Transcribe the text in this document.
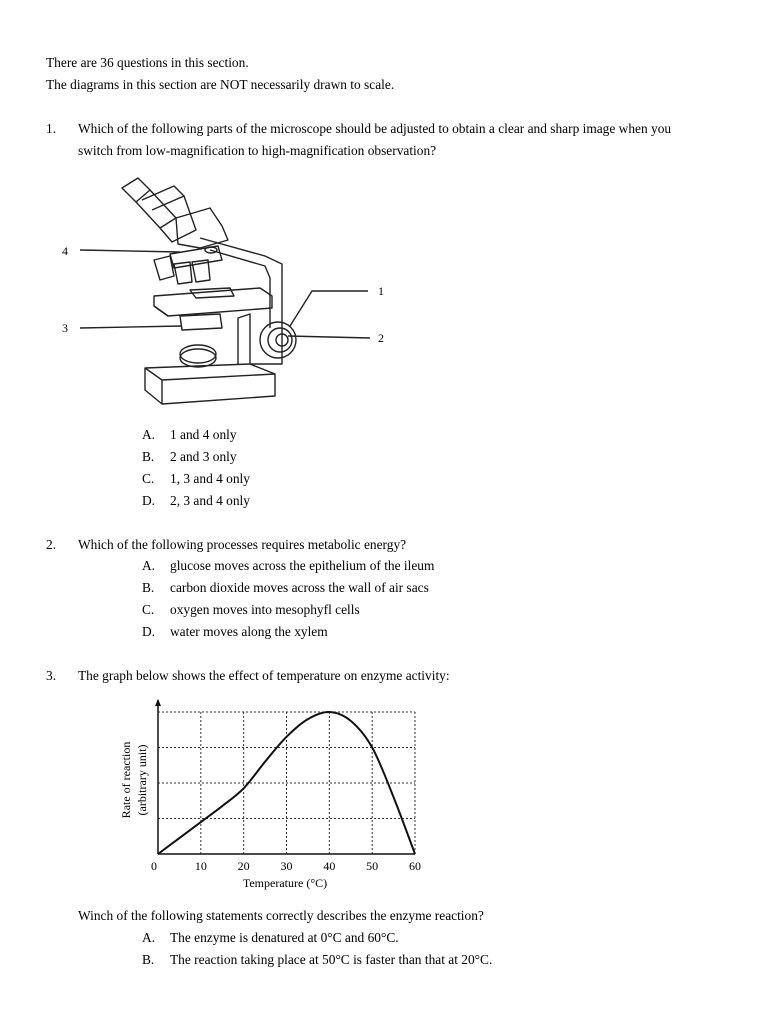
There are 36 questions in this section.
The diagrams in this section are NOT necessarily drawn to scale.
1. Which of the following parts of the microscope should be adjusted to obtain a clear and sharp image when you
switch from low-magnification to high-magnification observation?
4
3
1
2
A. 1 and 4 only
B. 2 and 3 only
C. 1, 3 and 4 only
D. 2, 3 and 4 only
2. Which of the following processes requires metabolic energy?
A. glucose moves across the epithelium of the ileum
B. carbon dioxide moves across the wall of air sacs
C. oxygen moves into mesophyfl cells
D. water moves along the xylem
3. The graph below shows the effect of temperature on enzyme activity:
0	10	20	30	40	50	60
Temperature (°C)
Rate of reaction (arbitrary unit)
Winch of the following statements correctly describes the enzyme reaction?
A. The enzyme is denatured at 0°C and 60°C.
B. The reaction taking place at 50°C is faster than that at 20°C.
